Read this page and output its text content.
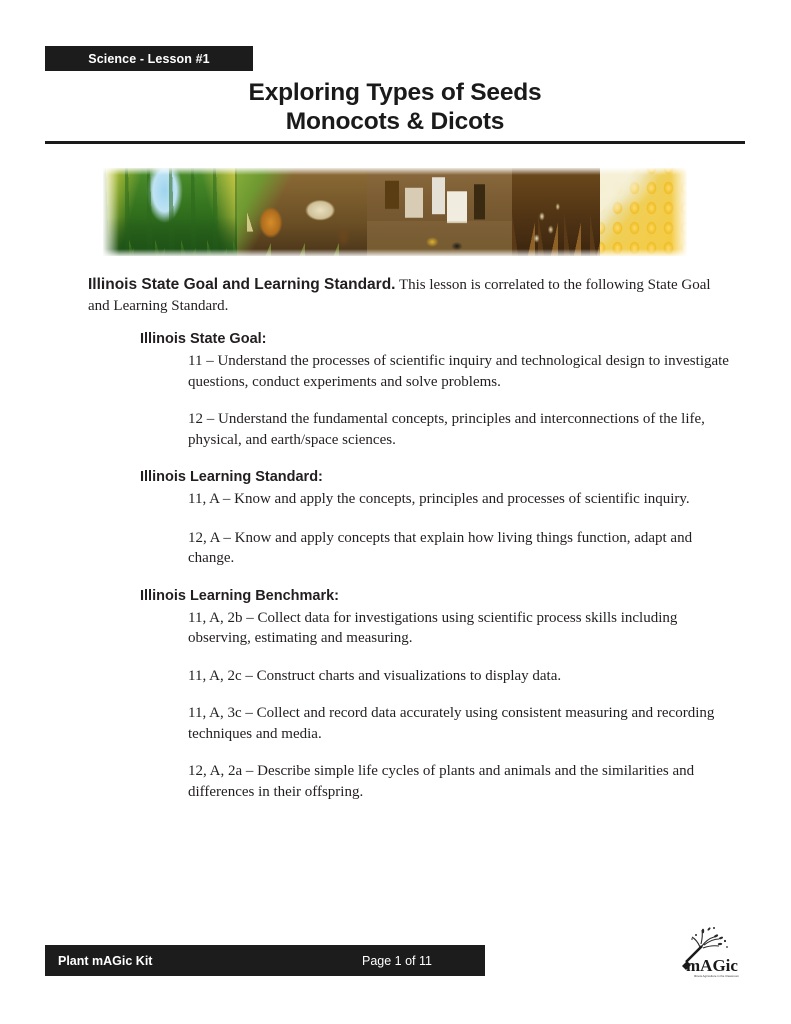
Science - Lesson #1
Exploring Types of Seeds
Monocots & Dicots
Illinois State Goal and Learning Standard. This lesson is correlated to the following State Goal and Learning Standard.
Illinois State Goal:
11 – Understand the processes of scientific inquiry and technological design to investigate questions, conduct experiments and solve problems.
12 – Understand the fundamental concepts, principles and interconnections of the life, physical, and earth/space sciences.
Illinois Learning Standard:
11, A – Know and apply the concepts, principles and processes of scientific inquiry.
12, A – Know and apply concepts that explain how living things function, adapt and change.
Illinois Learning Benchmark:
11, A, 2b – Collect data for investigations using scientific process skills including observing, estimating and measuring.
11, A, 2c – Construct charts and visualizations to display data.
11, A, 3c – Collect and record data accurately using consistent measuring and recording techniques and media.
12, A, 2a – Describe simple life cycles of plants and animals and the similarities and differences in their offspring.
Plant mAGic Kit	Page 1 of 11	mAGic
Illinois Agriculture in the Classroom
